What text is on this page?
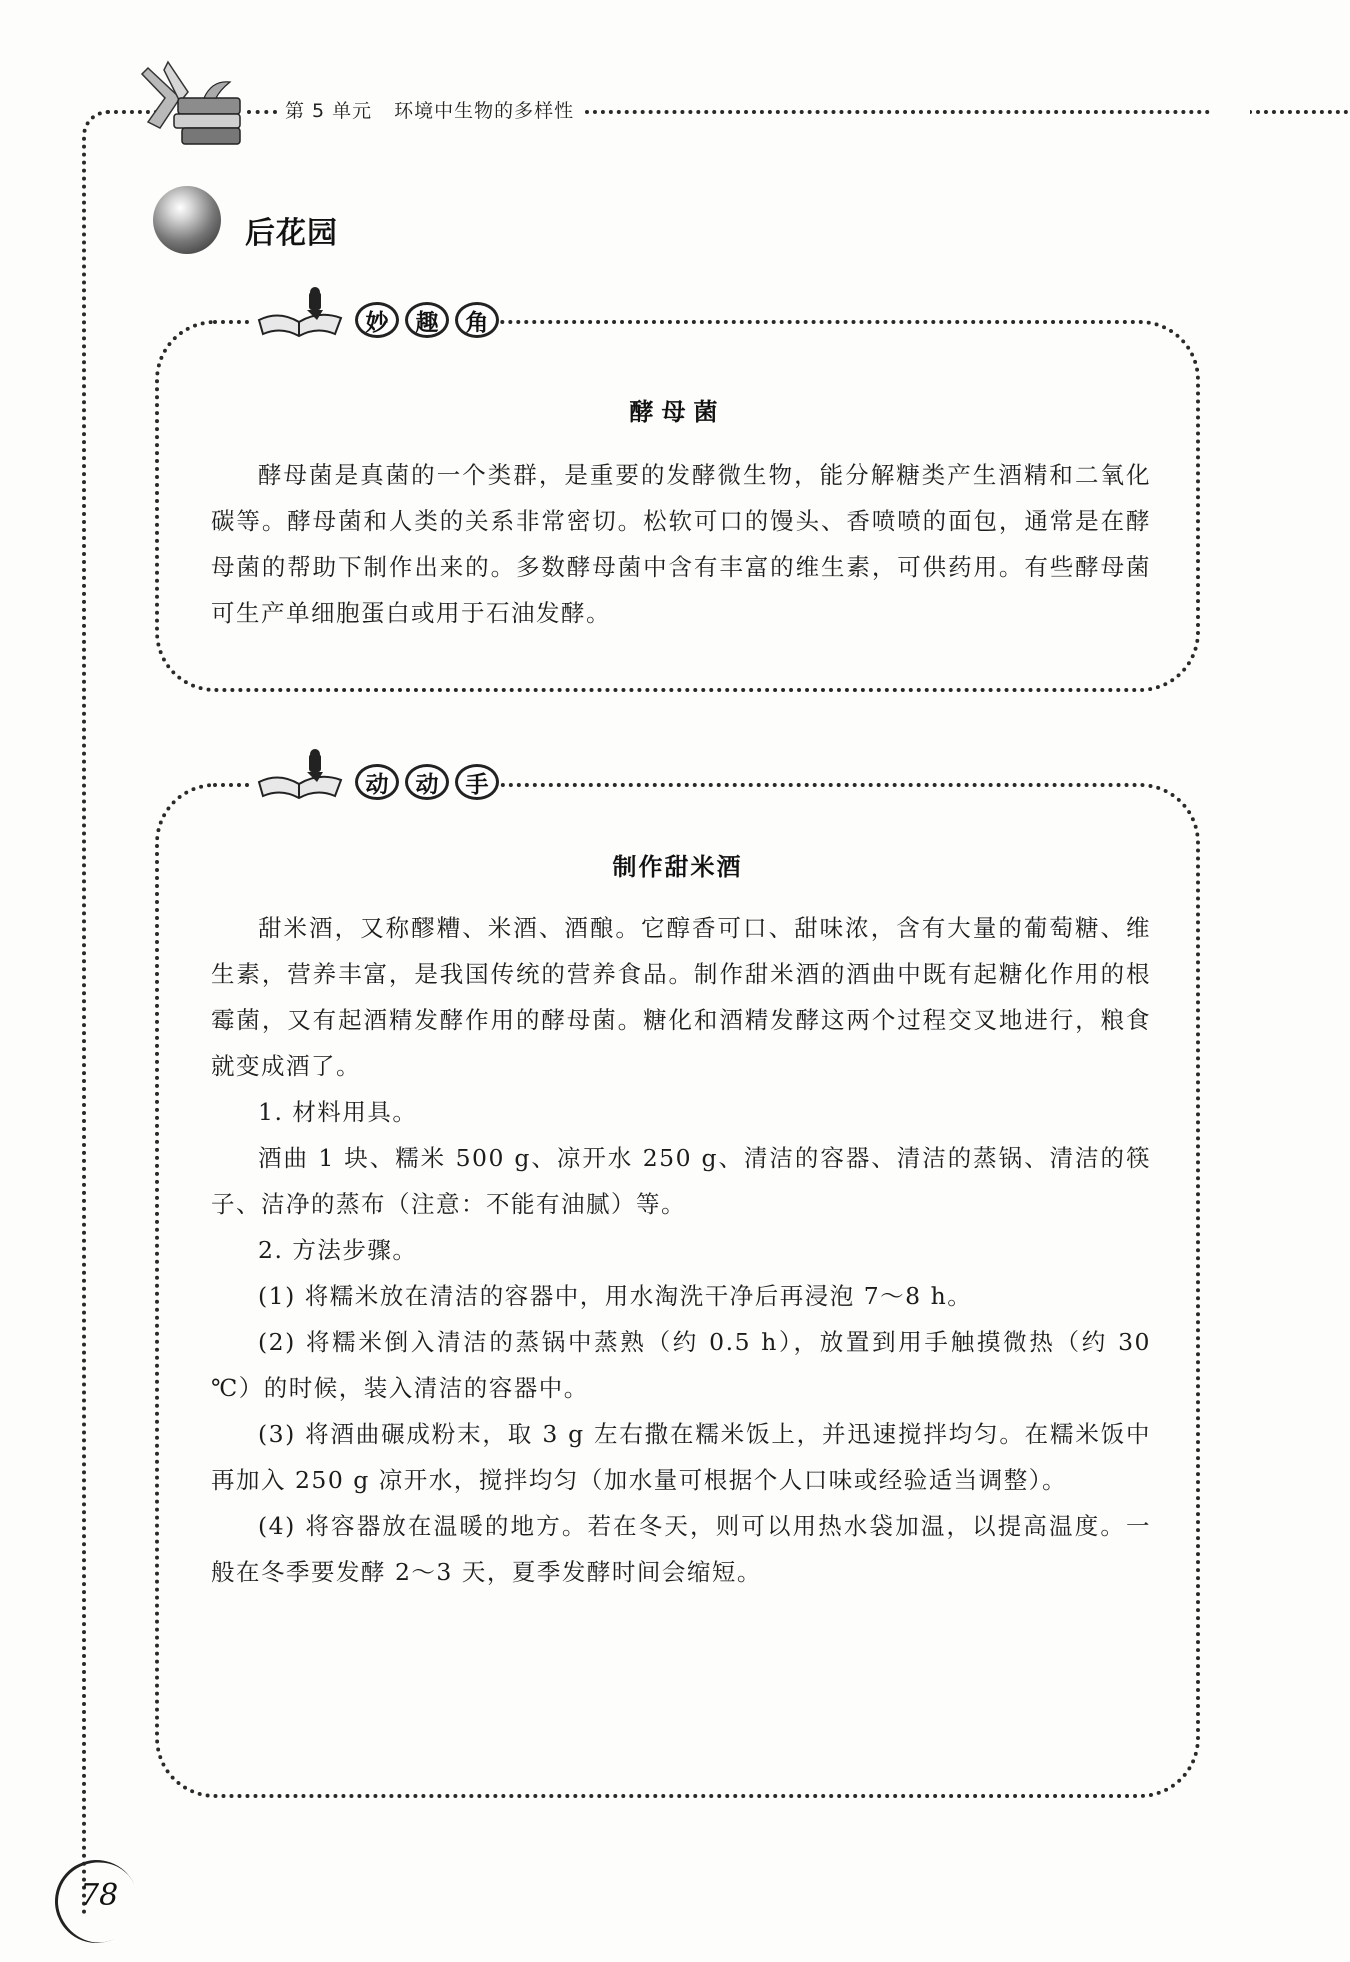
第 5 单元 环境中生物的多样性
后花园
酵母菌

酵母菌是真菌的一个类群，是重要的发酵微生物，能分解糖类产生酒精和二氧化碳等。酵母菌和人类的关系非常密切。松软可口的馒头、香喷喷的面包，通常是在酵母菌的帮助下制作出来的。多数酵母菌中含有丰富的维生素，可供药用。有些酵母菌可生产单细胞蛋白或用于石油发酵。

妙	趣	角
制作甜米酒

甜米酒，又称醪糟、米酒、酒酿。它醇香可口、甜味浓，含有大量的葡萄糖、维生素，营养丰富，是我国传统的营养食品。制作甜米酒的酒曲中既有起糖化作用的根霉菌，又有起酒精发酵作用的酵母菌。糖化和酒精发酵这两个过程交叉地进行，粮食就变成酒了。

1. 材料用具。

酒曲 1 块、糯米 500 g、凉开水 250 g、清洁的容器、清洁的蒸锅、清洁的筷子、洁净的蒸布（注意：不能有油腻）等。

2. 方法步骤。

(1) 将糯米放在清洁的容器中，用水淘洗干净后再浸泡 7～8 h。

(2) 将糯米倒入清洁的蒸锅中蒸熟（约 0.5 h），放置到用手触摸微热（约 30 ℃）的时候，装入清洁的容器中。

(3) 将酒曲碾成粉末，取 3 g 左右撒在糯米饭上，并迅速搅拌均匀。在糯米饭中再加入 250 g 凉开水，搅拌均匀（加水量可根据个人口味或经验适当调整）。

(4) 将容器放在温暖的地方。若在冬天，则可以用热水袋加温，以提高温度。一般在冬季要发酵 2～3 天，夏季发酵时间会缩短。

动	动	手
78
